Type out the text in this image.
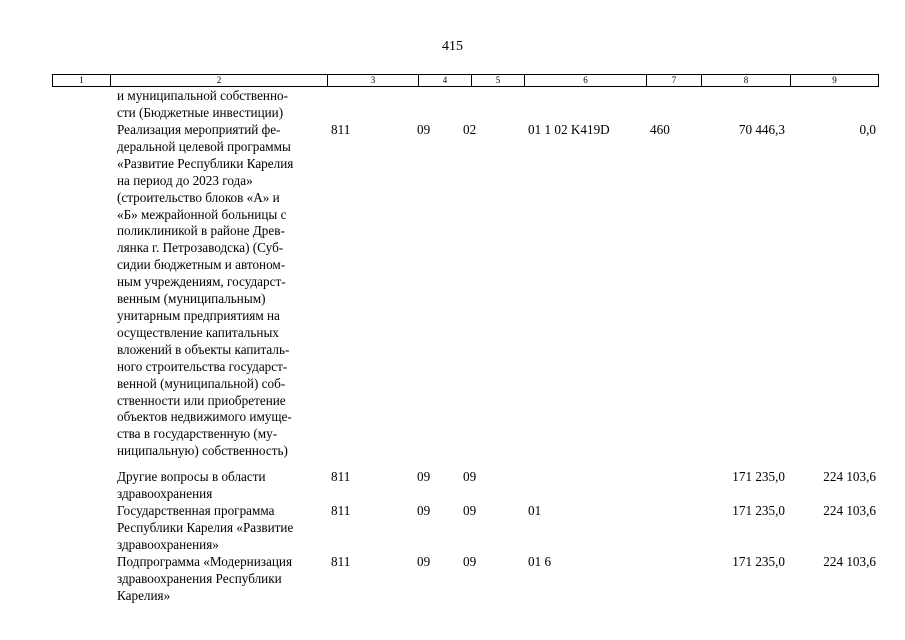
415
1	2	3	4	5	6	7	8	9
и муниципальной собственно-
сти (Бюджетные инвестиции)
Реализация мероприятий фе-
деральной целевой программы
«Развитие Республики Карелия
на период до 2023 года»
(строительство блоков «А» и
«Б» межрайонной больницы с
поликлиникой в районе Древ-
лянка г. Петрозаводска) (Суб-
сидии бюджетным и автоном-
ным учреждениям, государст-
венным (муниципальным)
унитарным предприятиям на
осуществление капитальных
вложений в объекты капиталь-
ного строительства государст-
венной (муниципальной) соб-
ственности или приобретение
объектов недвижимого имуще-
ства в государственную (му-
ниципальную) собственность)
811	09 02	01 1 02 K419D	460	70 446,3	0,0
Другие вопросы в области
здравоохранения
811	09 09	171 235,0	224 103,6
Государственная программа
Республики Карелия «Развитие
здравоохранения»
811	09 09	01	171 235,0	224 103,6
Подпрограмма «Модернизация
здравоохранения Республики
Карелия»
811	09 09	01 6	171 235,0	224 103,6
